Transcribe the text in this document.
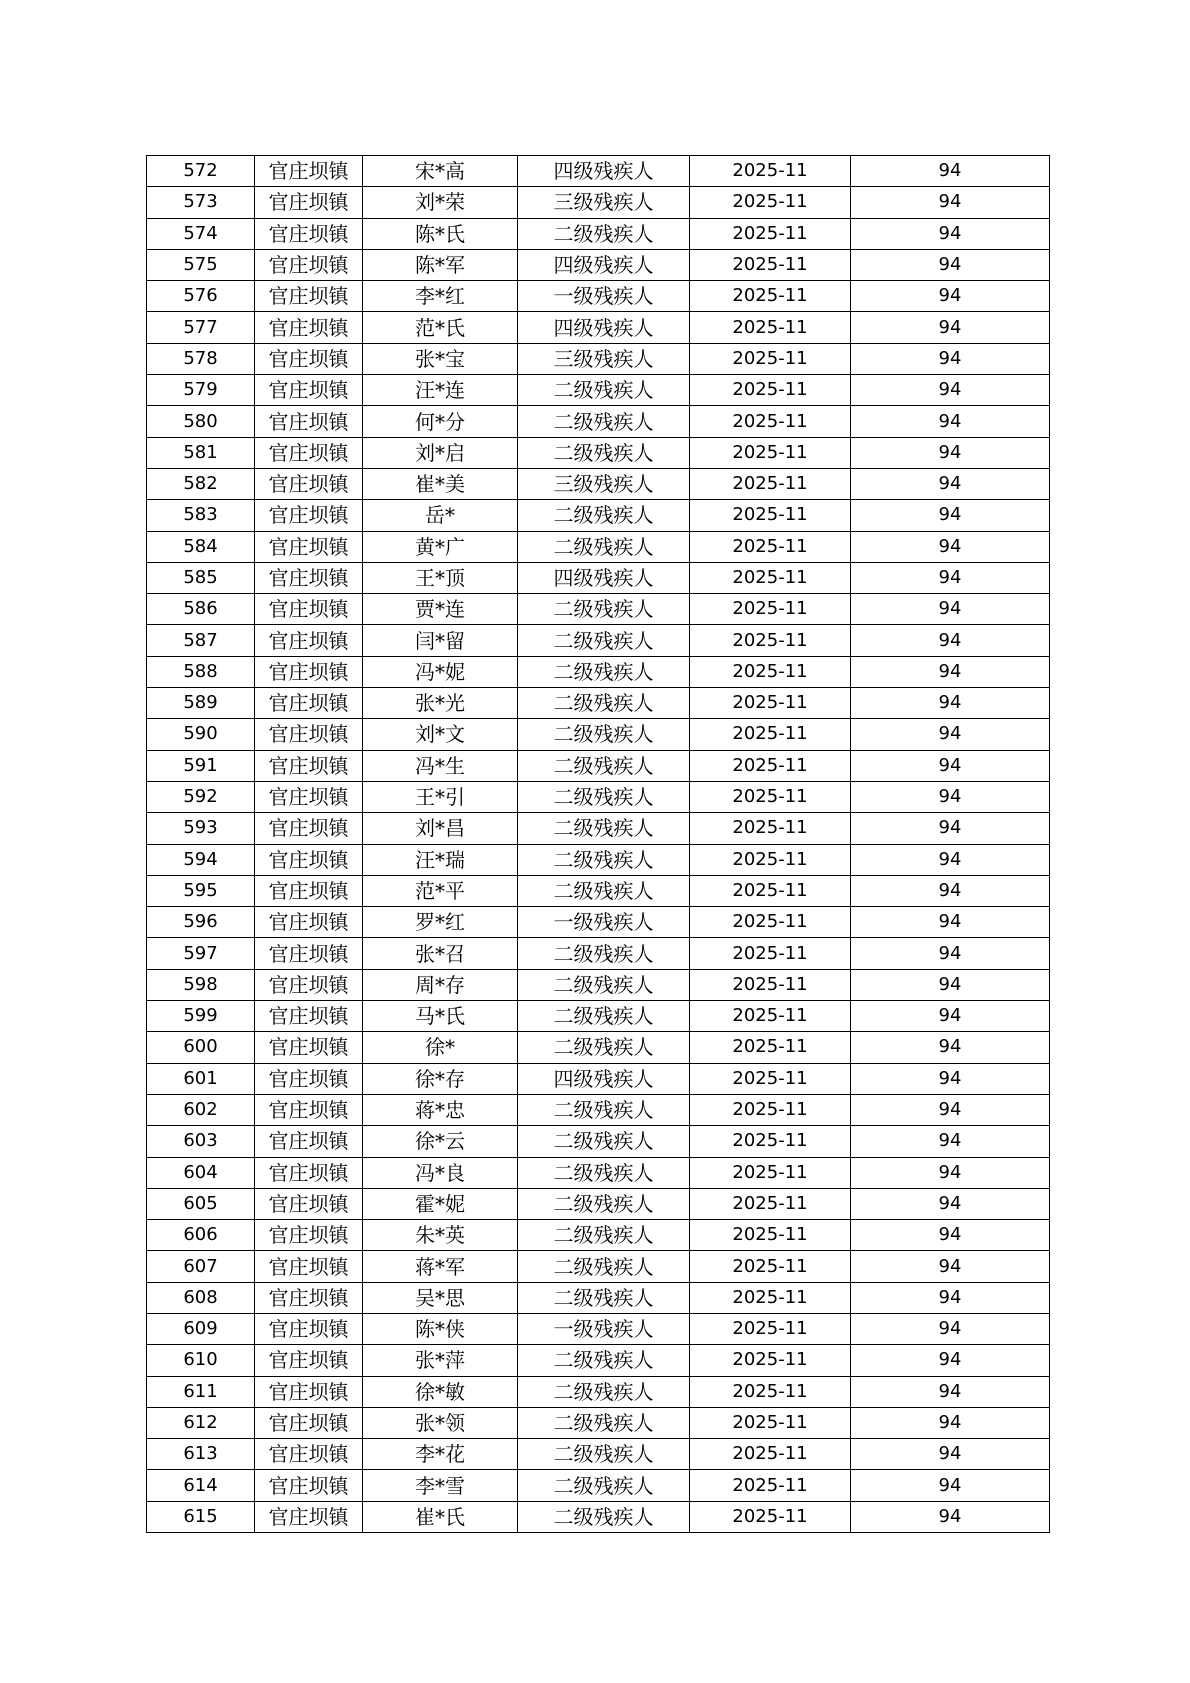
572	官庄坝镇	宋*高	四级残疾人	2025-11	94
573	官庄坝镇	刘*荣	三级残疾人	2025-11	94
574	官庄坝镇	陈*氏	二级残疾人	2025-11	94
575	官庄坝镇	陈*军	四级残疾人	2025-11	94
576	官庄坝镇	李*红	一级残疾人	2025-11	94
577	官庄坝镇	范*氏	四级残疾人	2025-11	94
578	官庄坝镇	张*宝	三级残疾人	2025-11	94
579	官庄坝镇	汪*连	二级残疾人	2025-11	94
580	官庄坝镇	何*分	二级残疾人	2025-11	94
581	官庄坝镇	刘*启	二级残疾人	2025-11	94
582	官庄坝镇	崔*美	三级残疾人	2025-11	94
583	官庄坝镇	岳*	二级残疾人	2025-11	94
584	官庄坝镇	黄*广	二级残疾人	2025-11	94
585	官庄坝镇	王*顶	四级残疾人	2025-11	94
586	官庄坝镇	贾*连	二级残疾人	2025-11	94
587	官庄坝镇	闫*留	二级残疾人	2025-11	94
588	官庄坝镇	冯*妮	二级残疾人	2025-11	94
589	官庄坝镇	张*光	二级残疾人	2025-11	94
590	官庄坝镇	刘*文	二级残疾人	2025-11	94
591	官庄坝镇	冯*生	二级残疾人	2025-11	94
592	官庄坝镇	王*引	二级残疾人	2025-11	94
593	官庄坝镇	刘*昌	二级残疾人	2025-11	94
594	官庄坝镇	汪*瑞	二级残疾人	2025-11	94
595	官庄坝镇	范*平	二级残疾人	2025-11	94
596	官庄坝镇	罗*红	一级残疾人	2025-11	94
597	官庄坝镇	张*召	二级残疾人	2025-11	94
598	官庄坝镇	周*存	二级残疾人	2025-11	94
599	官庄坝镇	马*氏	二级残疾人	2025-11	94
600	官庄坝镇	徐*	二级残疾人	2025-11	94
601	官庄坝镇	徐*存	四级残疾人	2025-11	94
602	官庄坝镇	蒋*忠	二级残疾人	2025-11	94
603	官庄坝镇	徐*云	二级残疾人	2025-11	94
604	官庄坝镇	冯*良	二级残疾人	2025-11	94
605	官庄坝镇	霍*妮	二级残疾人	2025-11	94
606	官庄坝镇	朱*英	二级残疾人	2025-11	94
607	官庄坝镇	蒋*军	二级残疾人	2025-11	94
608	官庄坝镇	吴*思	二级残疾人	2025-11	94
609	官庄坝镇	陈*侠	一级残疾人	2025-11	94
610	官庄坝镇	张*萍	二级残疾人	2025-11	94
611	官庄坝镇	徐*敏	二级残疾人	2025-11	94
612	官庄坝镇	张*领	二级残疾人	2025-11	94
613	官庄坝镇	李*花	二级残疾人	2025-11	94
614	官庄坝镇	李*雪	二级残疾人	2025-11	94
615	官庄坝镇	崔*氏	二级残疾人	2025-11	94
